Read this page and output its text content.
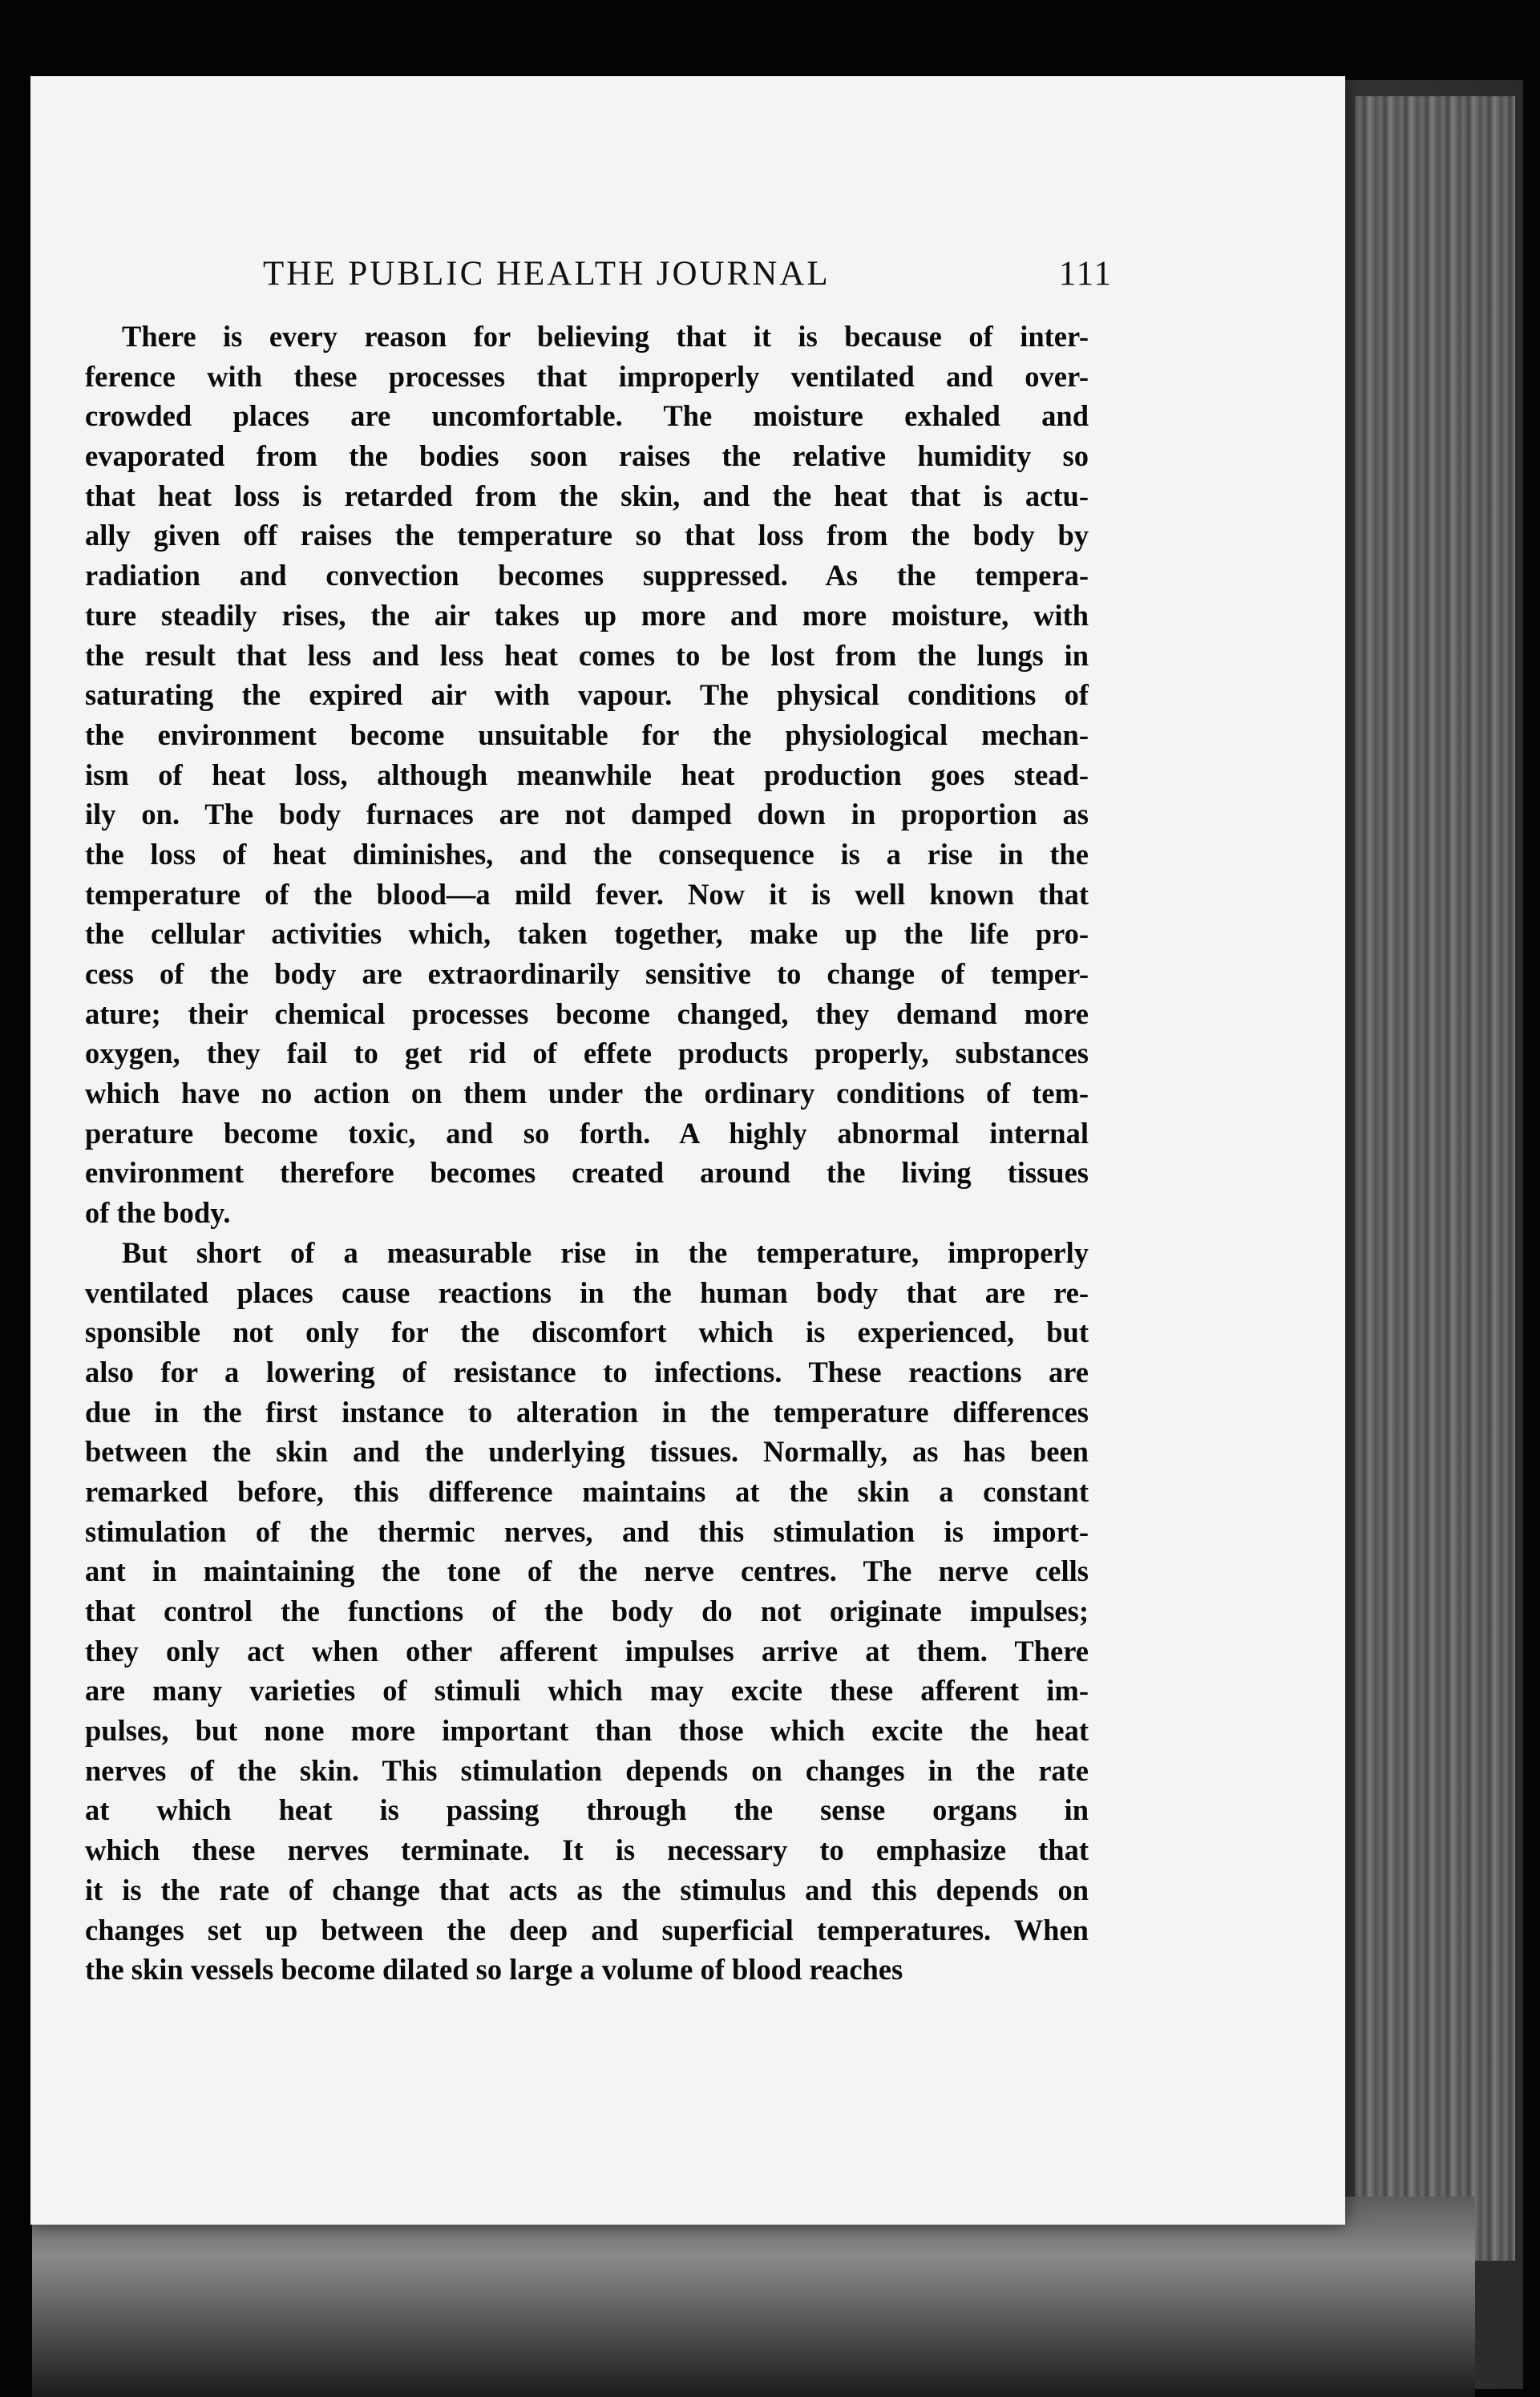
THE PUBLIC HEALTH JOURNAL	111
There is every reason for believing that it is because of inter-
ference with these processes that improperly ventilated and over-
crowded places are uncomfortable. The moisture exhaled and
evaporated from the bodies soon raises the relative humidity so
that heat loss is retarded from the skin, and the heat that is actu-
ally given off raises the temperature so that loss from the body by
radiation and convection becomes suppressed. As the tempera-
ture steadily rises, the air takes up more and more moisture, with
the result that less and less heat comes to be lost from the lungs in
saturating the expired air with vapour. The physical conditions of
the environment become unsuitable for the physiological mechan-
ism of heat loss, although meanwhile heat production goes stead-
ily on. The body furnaces are not damped down in proportion as
the loss of heat diminishes, and the consequence is a rise in the
temperature of the blood—a mild fever. Now it is well known that
the cellular activities which, taken together, make up the life pro-
cess of the body are extraordinarily sensitive to change of temper-
ature; their chemical processes become changed, they demand more
oxygen, they fail to get rid of effete products properly, substances
which have no action on them under the ordinary conditions of tem-
perature become toxic, and so forth. A highly abnormal internal
environment therefore becomes created around the living tissues
of the body.
But short of a measurable rise in the temperature, improperly
ventilated places cause reactions in the human body that are re-
sponsible not only for the discomfort which is experienced, but
also for a lowering of resistance to infections. These reactions are
due in the first instance to alteration in the temperature differences
between the skin and the underlying tissues. Normally, as has been
remarked before, this difference maintains at the skin a constant
stimulation of the thermic nerves, and this stimulation is import-
ant in maintaining the tone of the nerve centres. The nerve cells
that control the functions of the body do not originate impulses;
they only act when other afferent impulses arrive at them. There
are many varieties of stimuli which may excite these afferent im-
pulses, but none more important than those which excite the heat
nerves of the skin. This stimulation depends on changes in the rate
at which heat is passing through the sense organs in
which these nerves terminate. It is necessary to emphasize that
it is the rate of change that acts as the stimulus and this depends on
changes set up between the deep and superficial temperatures. When
the skin vessels become dilated so large a volume of blood reaches
